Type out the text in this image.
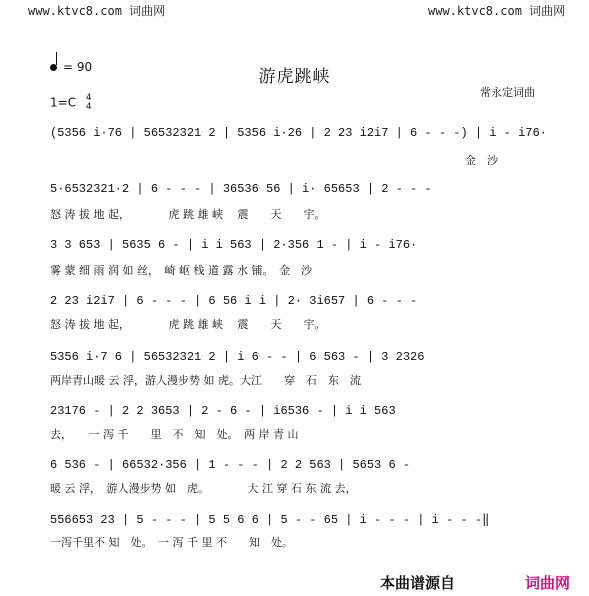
www.ktvc8.com 词曲网	www.ktvc8.com 词曲网
= 90	游虎跳峡
1=C 4
4
常永定词曲
(5356 i·76 | 56532321 2 | 5356 i·26 | 2 23 i2i7 | 6 - - -) | i - i76·
金　沙
5·6532321·2 | 6 - - - | 36536 56 | i· 65653 | 2 - - -
怒 涛 拔 地 起，　　　　虎 跳 雄 峡 　震　　天　　宇。
3 3 653 | 5635 6 - | i i 563 | 2·356 1 - | i - i76·
雾 蒙 细 雨 润 如 丝，　崎 岖 栈 道 露 水 铺。　金　沙
2 23 i2i7 | 6 - - - | 6 56 i i | 2· 3i657 | 6 - - -
怒 涛 拔 地 起，　　　　虎 跳 雄 峡 　震　　天　　宇。
5356 i·7 6 | 56532321 2 | i 6 - - | 6 563 - | 3 2326
两岸青山暖 云 浮，游人漫步势 如 虎。大江　　穿　石　东　流
23176 - | 2 2 3653 | 2 - 6 - | i6536 - | i i 563
去，　　一 泻 千　　里　不　知　处。　两 岸 青 山
6 536 - | 66532·356 | 1 - - - | 2 2 563 | 5653 6 -
暖 云 浮，　游人漫步势 如　虎。　　　　大 江 穿 石 东 流 去，
556653 23 | 5 - - - | 5 5 6 6 | 5 - - 65 | i - - - | i - - -‖
一泻千里不 知　处。　一 泻 千 里 不　　知　处。
本曲谱源自	词曲网
